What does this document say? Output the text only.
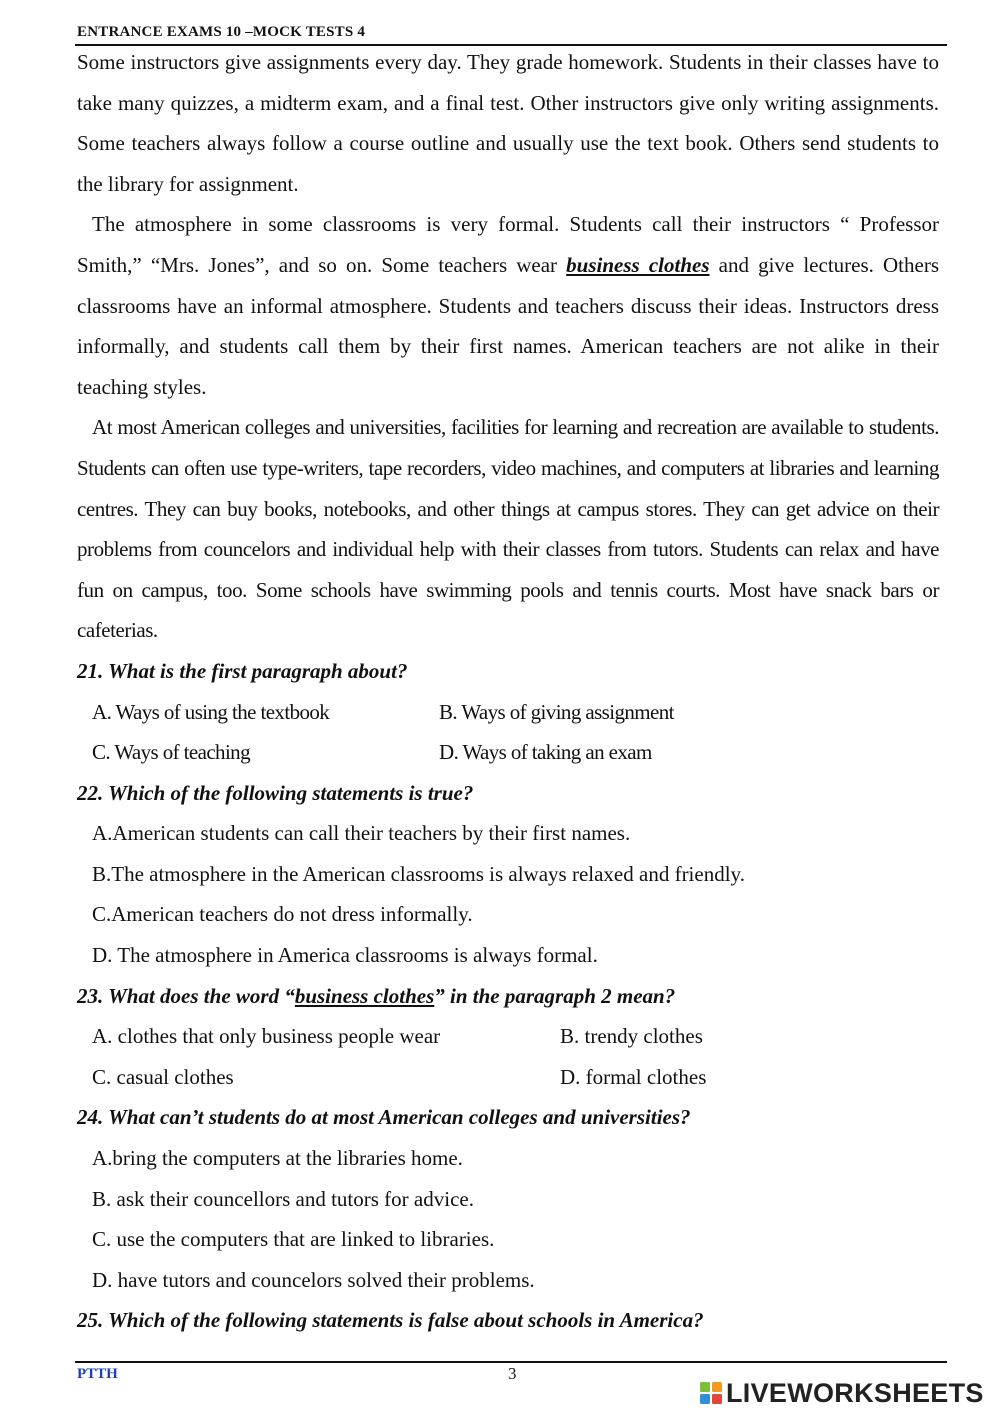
ENTRANCE EXAMS 10 –MOCK TESTS 4

Some instructors give assignments every day. They grade homework. Students in their classes have to take many quizzes, a midterm exam, and a final test. Other instructors give only writing assignments. Some teachers always follow a course outline and usually use the text book. Others send students to the library for assignment.

The atmosphere in some classrooms is very formal. Students call their instructors “ Professor Smith,” “Mrs. Jones”, and so on. Some teachers wear business clothes and give lectures. Others classrooms have an informal atmosphere. Students and teachers discuss their ideas. Instructors dress informally, and students call them by their first names. American teachers are not alike in their teaching styles.

At most American colleges and universities, facilities for learning and recreation are available to students. Students can often use type-writers, tape recorders, video machines, and computers at libraries and learning centres. They can buy books, notebooks, and other things at campus stores. They can get advice on their problems from councelors and individual help with their classes from tutors. Students can relax and have fun on campus, too. Some schools have swimming pools and tennis courts. Most have snack bars or cafeterias.

21. What is the first paragraph about?

A. Ways of using the textbook	B. Ways of giving assignment
C. Ways of teaching	D. Ways of taking an exam

22. Which of the following statements is true?

A.American students can call their teachers by their first names.

B.The atmosphere in the American classrooms is always relaxed and friendly.

C.American teachers do not dress informally.

D. The atmosphere in America classrooms is always formal.

23. What does the word “business clothes” in the paragraph 2 mean?

A. clothes that only business people wear	B. trendy clothes
C. casual clothes	D. formal clothes

24. What can’t students do at most American colleges and universities?

A.bring the computers at the libraries home.

B. ask their councellors and tutors for advice.

C. use the computers that are linked to libraries.

D. have tutors and councelors solved their problems.

25. Which of the following statements is false about schools in America?

PTTH	3
LIVEWORKSHEETS
